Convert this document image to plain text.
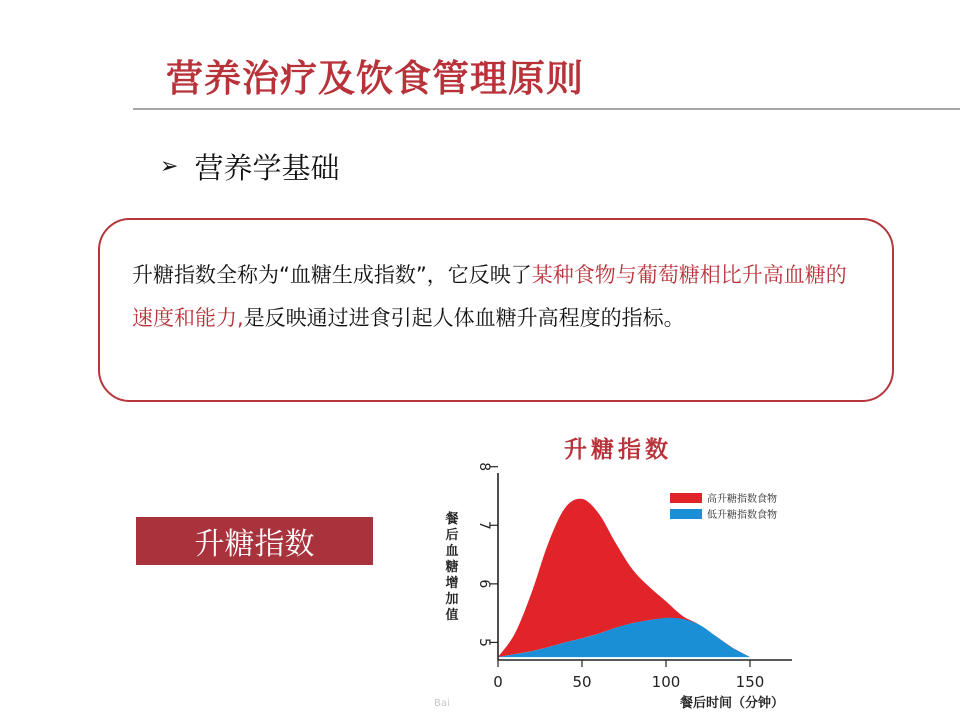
营养治疗及饮食管理原则
➢ 营养学基础

升糖指数全称为“血糖生成指数”，它反映了某种食物与葡萄糖相比升高血糖的速度和能力,是反映通过进食引起人体血糖升高程度的指标。

升糖指数
升糖指数
5
6
7
8
0	50	100	150
餐后血糖增加值
餐后时间（分钟）
高升糖指数食物
低升糖指数食物
Bai
